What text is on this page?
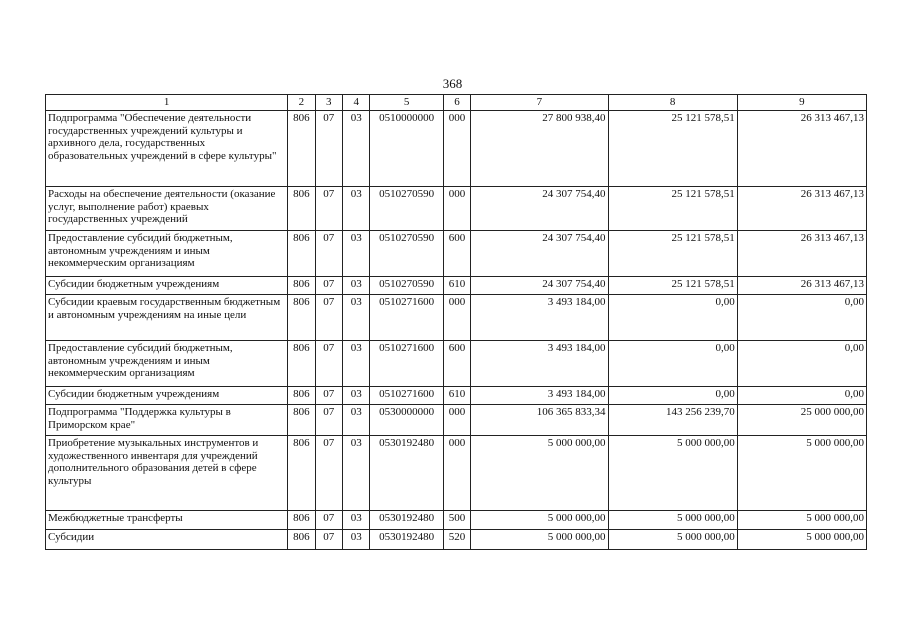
368
1	2	3	4	5	6	7	8	9
Подпрограмма "Обеспечение деятельности государственных учреждений культуры и архивного дела, государственных образовательных учреждений в сфере культуры"	806	07	03	0510000000	000	27 800 938,40	25 121 578,51	26 313 467,13
Расходы на обеспечение деятельности (оказание услуг, выполнение работ) краевых государственных учреждений	806	07	03	0510270590	000	24 307 754,40	25 121 578,51	26 313 467,13
Предоставление субсидий бюджетным, автономным учреждениям и иным некоммерческим организациям	806	07	03	0510270590	600	24 307 754,40	25 121 578,51	26 313 467,13
Субсидии бюджетным учреждениям	806	07	03	0510270590	610	24 307 754,40	25 121 578,51	26 313 467,13
Субсидии краевым государственным бюджетным и автономным учреждениям на иные цели	806	07	03	0510271600	000	3 493 184,00	0,00	0,00
Предоставление субсидий бюджетным, автономным учреждениям и иным некоммерческим организациям	806	07	03	0510271600	600	3 493 184,00	0,00	0,00
Субсидии бюджетным учреждениям	806	07	03	0510271600	610	3 493 184,00	0,00	0,00
Подпрограмма "Поддержка культуры в Приморском крае"	806	07	03	0530000000	000	106 365 833,34	143 256 239,70	25 000 000,00
Приобретение музыкальных инструментов и художественного инвентаря для учреждений дополнительного образования детей в сфере культуры	806	07	03	0530192480	000	5 000 000,00	5 000 000,00	5 000 000,00
Межбюджетные трансферты	806	07	03	0530192480	500	5 000 000,00	5 000 000,00	5 000 000,00
Субсидии	806	07	03	0530192480	520	5 000 000,00	5 000 000,00	5 000 000,00
